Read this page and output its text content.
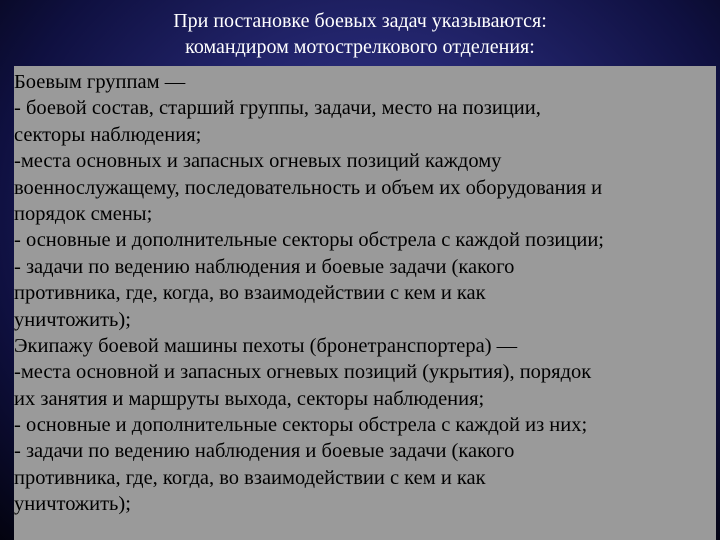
При постановке боевых задач указываются:
командиром мотострелкового отделения:
Боевым группам —
- боевой состав, старший группы, задачи, место на позиции,
секторы наблюдения;
-места основных и запасных огневых позиций каждому
военнослужащему, последовательность и объем их оборудования и
порядок смены;
- основные и дополнительные секторы обстрела с каждой позиции;
- задачи по ведению наблюдения и боевые задачи (какого
противника, где, когда, во взаимодействии с кем и как
уничтожить);
Экипажу боевой машины пехоты (бронетранспортера) —
-места основной и запасных огневых позиций (укрытия), порядок
их занятия и маршруты выхода, секторы наблюдения;
- основные и дополнительные секторы обстрела с каждой из них;
- задачи по ведению наблюдения и боевые задачи (какого
противника, где, когда, во взаимодействии с кем и как
уничтожить);
